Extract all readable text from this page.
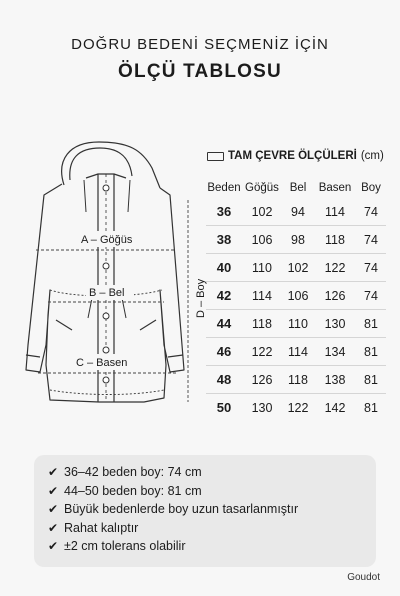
DOĞRU BEDENİ SEÇMENİZ İÇİN
ÖLÇÜ TABLOSU
A – Göğüs
B – Bel
C – Basen
D – Boy
TAM ÇEVRE ÖLÇÜLERİ (cm)
Beden	Göğüs	Bel	Basen	Boy
36	102	94	114	74
38	106	98	118	74
40	110	102	122	74
42	114	106	126	74
44	118	110	130	81
46	122	114	134	81
48	126	118	138	81
50	130	122	142	81
✔ 36–42 beden boy: 74 cm
✔ 44–50 beden boy: 81 cm
✔ Büyük bedenlerde boy uzun tasarlanmıştır
✔ Rahat kalıptır
✔ ±2 cm tolerans olabilir
Goudot
